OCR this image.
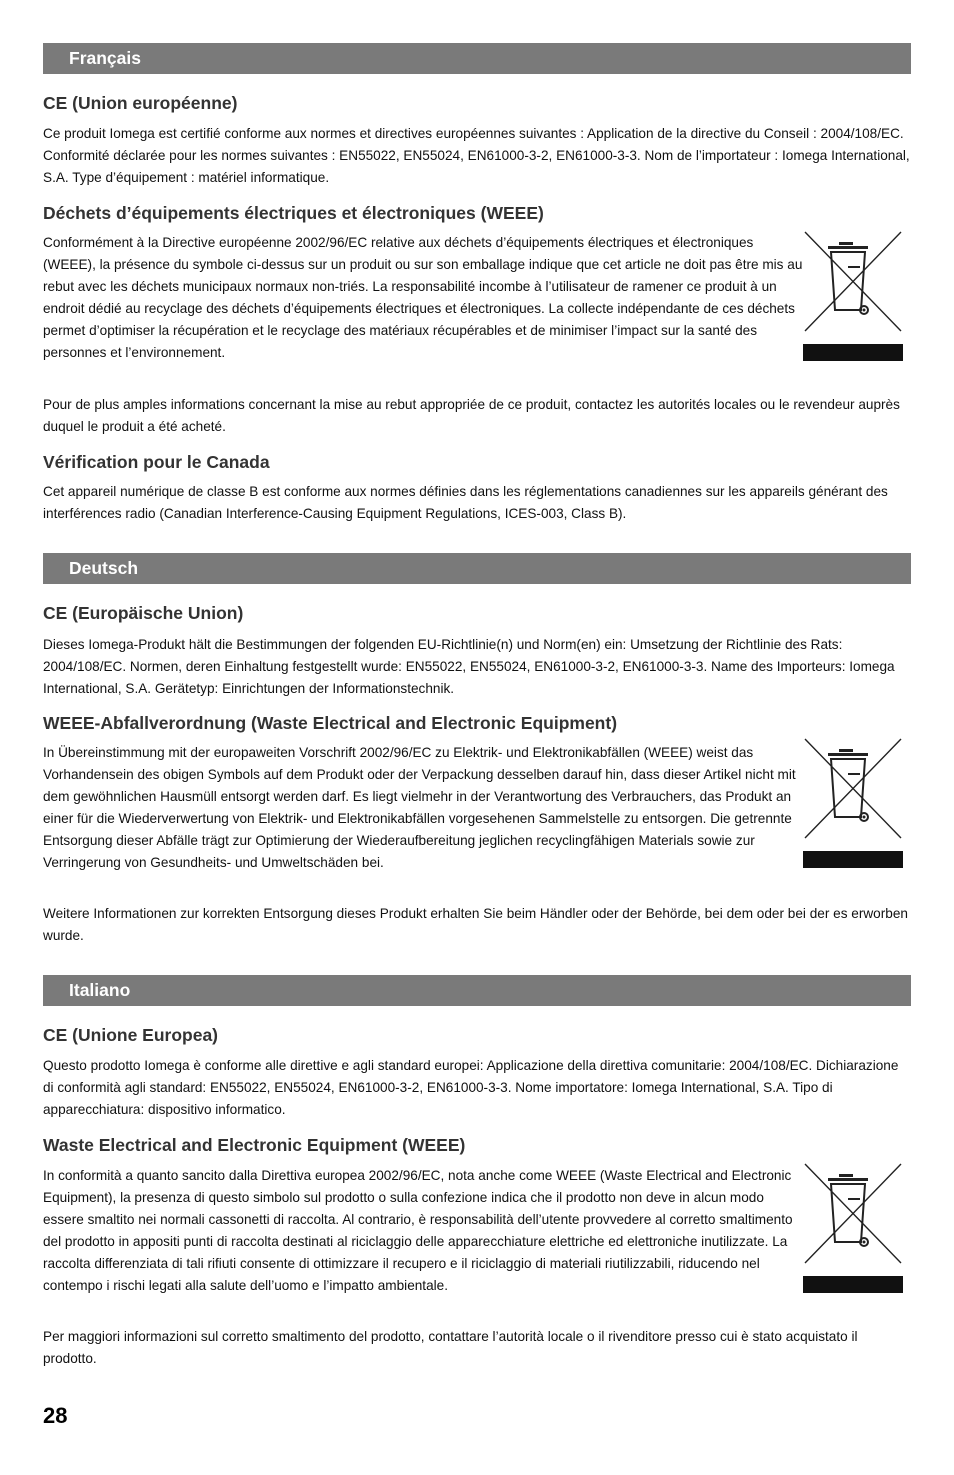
Français
CE (Union européenne)

Ce produit Iomega est certifié conforme aux normes et directives européennes suivantes : Application de la directive du Conseil : 2004/108/EC. Conformité déclarée pour les normes suivantes : EN55022, EN55024, EN61000-3-2, EN61000-3-3. Nom de l’importateur : Iomega International, S.A. Type d’équipement : matériel informatique.

Déchets d’équipements électriques et électroniques (WEEE)

Conformément à la Directive européenne 2002/96/EC relative aux déchets d’équipements électriques et électroniques (WEEE), la présence du symbole ci-dessus sur un produit ou sur son emballage indique que cet article ne doit pas être mis au rebut avec les déchets municipaux normaux non-triés. La responsabilité incombe à l’utilisateur de ramener ce produit à un endroit dédié au recyclage des déchets d’équipements électriques et électroniques. La collecte indépendante de ces déchets permet d’optimiser la récupération et le recyclage des matériaux récupérables et de minimiser l’impact sur la santé des personnes et l’environnement.

Pour de plus amples informations concernant la mise au rebut appropriée de ce produit, contactez les autorités locales ou le revendeur auprès duquel le produit a été acheté.

Vérification pour le Canada

Cet appareil numérique de classe B est conforme aux normes définies dans les réglementations canadiennes sur les appareils générant des interférences radio (Canadian Interference-Causing Equipment Regulations, ICES-003, Class B).

Deutsch
CE (Europäische Union)

Dieses Iomega-Produkt hält die Bestimmungen der folgenden EU-Richtlinie(n) und Norm(en) ein: Umsetzung der Richtlinie des Rats: 2004/108/EC. Normen, deren Einhaltung festgestellt wurde: EN55022, EN55024, EN61000-3-2, EN61000-3-3. Name des Importeurs: Iomega International, S.A. Gerätetyp: Einrichtungen der Informationstechnik.

WEEE-Abfallverordnung (Waste Electrical and Electronic Equipment)

In Übereinstimmung mit der europaweiten Vorschrift 2002/96/EC zu Elektrik- und Elektronikabfällen (WEEE) weist das Vorhandensein des obigen Symbols auf dem Produkt oder der Verpackung desselben darauf hin, dass dieser Artikel nicht mit dem gewöhnlichen Hausmüll entsorgt werden darf. Es liegt vielmehr in der Verantwortung des Verbrauchers, das Produkt an einer für die Wiederverwertung von Elektrik- und Elektronikabfällen vorgesehenen Sammelstelle zu entsorgen. Die getrennte Entsorgung dieser Abfälle trägt zur Optimierung der Wiederaufbereitung jeglichen recyclingfähigen Materials sowie zur Verringerung von Gesundheits- und Umweltschäden bei.

Weitere Informationen zur korrekten Entsorgung dieses Produkt erhalten Sie beim Händler oder der Behörde, bei dem oder bei der es erworben wurde.

Italiano
CE (Unione Europea)

Questo prodotto Iomega è conforme alle direttive e agli standard europei: Applicazione della direttiva comunitarie: 2004/108/EC. Dichiarazione di conformità agli standard: EN55022, EN55024, EN61000-3-2, EN61000-3-3. Nome importatore: Iomega International, S.A. Tipo di apparecchiatura: dispositivo informatico.

Waste Electrical and Electronic Equipment (WEEE)

In conformità a quanto sancito dalla Direttiva europea 2002/96/EC, nota anche come WEEE (Waste Electrical and Electronic Equipment), la presenza di questo simbolo sul prodotto o sulla confezione indica che il prodotto non deve in alcun modo essere smaltito nei normali cassonetti di raccolta. Al contrario, è responsabilità dell’utente provvedere al corretto smaltimento del prodotto in appositi punti di raccolta destinati al riciclaggio delle apparecchiature elettriche ed elettroniche inutilizzate. La raccolta differenziata di tali rifiuti consente di ottimizzare il recupero e il riciclaggio di materiali riutilizzabili, riducendo nel contempo i rischi legati alla salute dell’uomo e l’impatto ambientale.

Per maggiori informazioni sul corretto smaltimento del prodotto, contattare l’autorità locale o il rivenditore presso cui è stato acquistato il prodotto.

28
